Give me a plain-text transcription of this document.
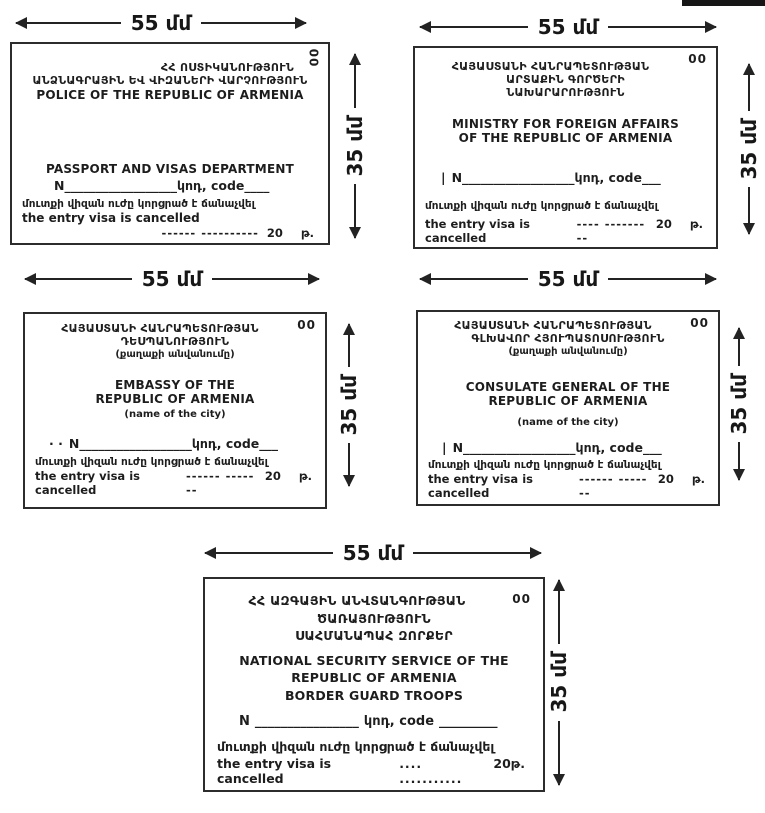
55 մմ	55 մմ
00
ՀՀ ՈՍՏԻԿԱՆՈՒԹՅՈՒՆ
ԱՆՁՆԱԳՐԱՅԻՆ ԵՎ ՎԻԶԱՆԵՐԻ ՎԱՐՉՈՒԹՅՈՒՆ
POLICE OF THE REPUBLIC OF ARMENIA
PASSPORT AND VISAS DEPARTMENT
N__________________կոդ, code____
մուտքի վիզան ուժը կորցրած է ճանաչվել
the entry visa is cancelled
------ ---------- 20 թ.
35 մմ
00
ՀԱՅԱՍՏԱՆԻ ՀԱՆՐԱՊԵՏՈՒԹՅԱՆ
ԱՐՏԱՔԻՆ ԳՈՐԾԵՐԻ
ՆԱԽԱՐԱՐՈՒԹՅՈՒՆ
MINISTRY FOR FOREIGN AFFAIRS
OF THE REPUBLIC OF ARMENIA
| N__________________կոդ, code___
մուտքի վիզան ուժը կորցրած է ճանաչվել
the entry visa is cancelled
---- ---------
20 թ.
35 մմ
55 մմ	55 մմ
00
ՀԱՅԱՍՏԱՆԻ ՀԱՆՐԱՊԵՏՈՒԹՅԱՆ
ԴԵՍՊԱՆՈՒԹՅՈՒՆ
(քաղաքի անվանումը)
EMBASSY OF THE
REPUBLIC OF ARMENIA
(name of the city)
· · N__________________կոդ, code___
մուտքի վիզան ուժը կորցրած է ճանաչվել
the entry visa is cancelled
------ -------
20 թ.
35 մմ
00
ՀԱՅԱՍՏԱՆԻ ՀԱՆՐԱՊԵՏՈՒԹՅԱՆ
ԳԼԽԱՎՈՐ ՀՅՈՒՊԱՏՈՍՈՒԹՅՈՒՆ
(քաղաքի անվանումը)
CONSULATE GENERAL OF THE
REPUBLIC OF ARMENIA
(name of the city)
| N__________________կոդ, code___
մուտքի վիզան ուժը կորցրած է ճանաչվել
the entry visa is cancelled
------ -------
20 թ.
35 մմ
55 մմ
00
ՀՀ ԱԶԳԱՅԻՆ ԱՆՎՏԱՆԳՈՒԹՅԱՆ
ԾԱՌԱՅՈՒԹՅՈՒՆ
ՍԱՀՄԱՆԱՊԱՀ ԶՈՐՔԵՐ
NATIONAL SECURITY SERVICE OF THE
REPUBLIC OF ARMENIA
BORDER GUARD TROOPS
N ________________ կոդ, code _________
մուտքի վիզան ուժը կորցրած է ճանաչվել
the entry visa is cancelled
.... ...........
20 թ.
35 մմ
